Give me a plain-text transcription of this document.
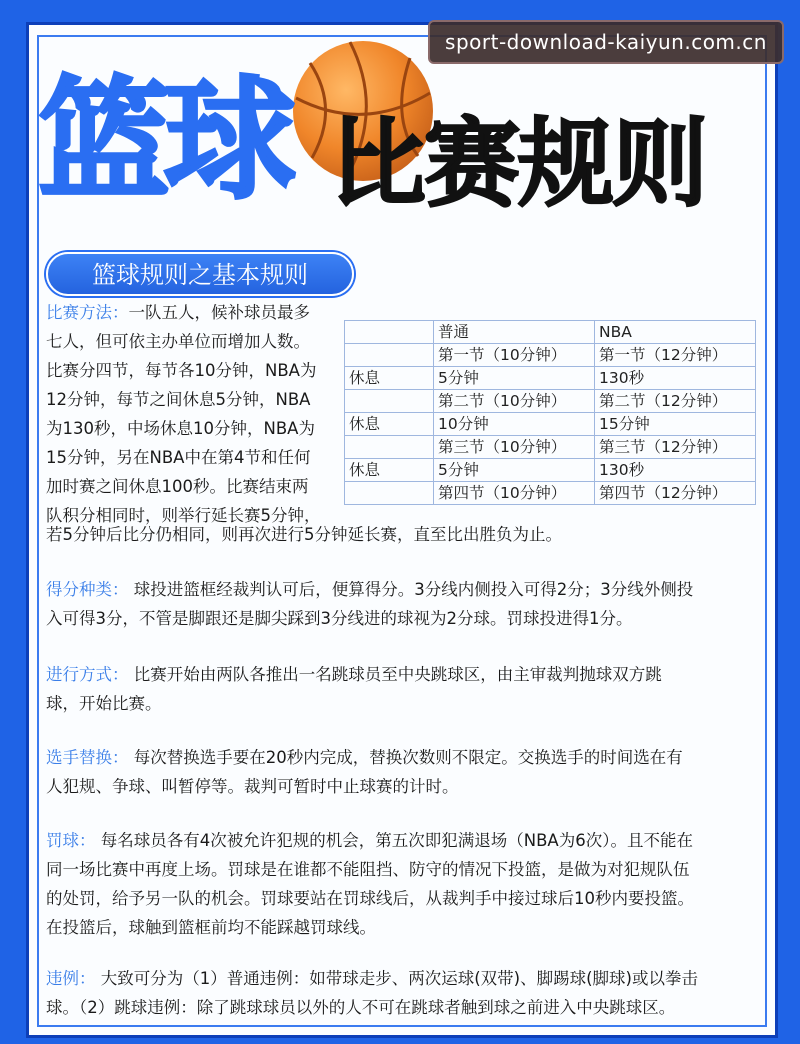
sport-download-kaiyun.com.cn
篮球 比赛规则
篮球规则之基本规则
比赛方法：一队五人，候补球员最多
七人，但可依主办单位而增加人数。
比赛分四节，每节各10分钟，NBA为
12分钟，每节之间休息5分钟，NBA
为130秒，中场休息10分钟，NBA为
15分钟，另在NBA中在第4节和任何
加时赛之间休息100秒。比赛结束两
队积分相同时，则举行延长赛5分钟，
若5分钟后比分仍相同，则再次进行5分钟延长赛，直至比出胜负为止。
	普通	NBA
	第一节（10分钟）	第一节（12分钟）
休息	5分钟	130秒
	第二节（10分钟）	第二节（12分钟）
休息	10分钟	15分钟
	第三节（10分钟）	第三节（12分钟）
休息	5分钟	130秒
	第四节（10分钟）	第四节（12分钟）
得分种类： 球投进篮框经裁判认可后，便算得分。3分线内侧投入可得2分；3分线外侧投
入可得3分，不管是脚跟还是脚尖踩到3分线进的球视为2分球。罚球投进得1分。
进行方式： 比赛开始由两队各推出一名跳球员至中央跳球区，由主审裁判抛球双方跳
球，开始比赛。
选手替换： 每次替换选手要在20秒内完成，替换次数则不限定。交换选手的时间选在有
人犯规、争球、叫暂停等。裁判可暂时中止球赛的计时。
罚球： 每名球员各有4次被允许犯规的机会，第五次即犯满退场（NBA为6次）。且不能在
同一场比赛中再度上场。罚球是在谁都不能阻挡、防守的情况下投篮，是做为对犯规队伍
的处罚，给予另一队的机会。罚球要站在罚球线后，从裁判手中接过球后10秒内要投篮。
在投篮后，球触到篮框前均不能踩越罚球线。
违例： 大致可分为（1）普通违例：如带球走步、两次运球(双带)、脚踢球(脚球)或以拳击
球。（2）跳球违例：除了跳球球员以外的人不可在跳球者触到球之前进入中央跳球区。
